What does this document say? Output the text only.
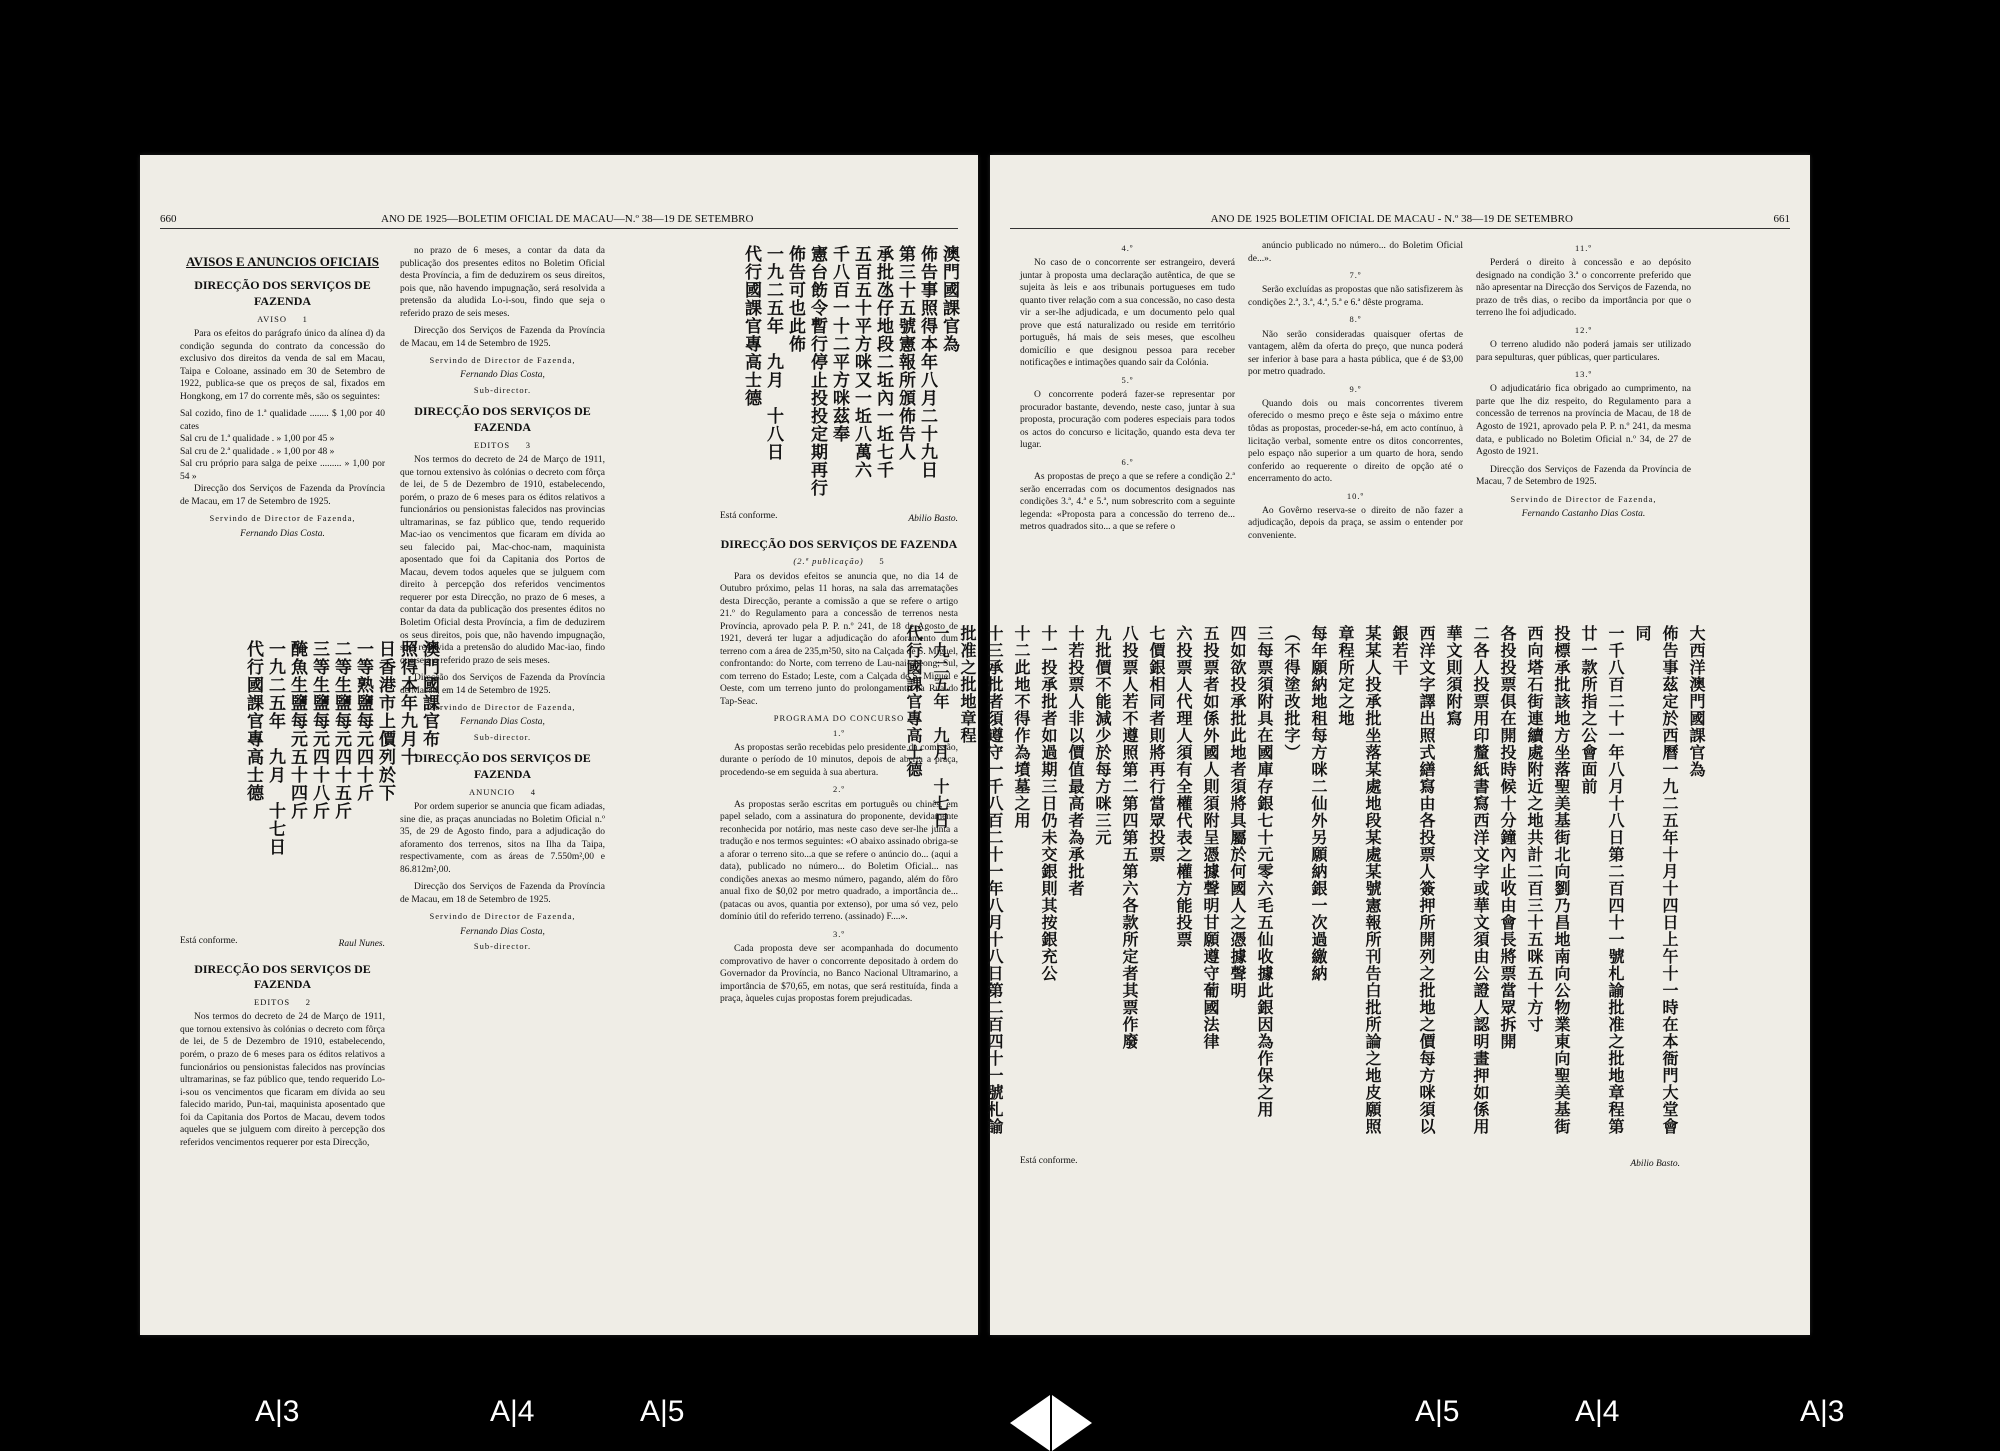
660	ANO DE 1925—BOLETIM OFICIAL DE MACAU—N.º 38—19 DE SETEMBRO
AVISOS E ANUNCIOS OFICIAIS
DIRECÇÃO DOS SERVIÇOS DE FAZENDA
AVISO 1

Para os efeitos do parágrafo único da alínea d) da condição segunda do contrato da concessão do exclusivo dos direitos da venda de sal em Macau, Taipa e Coloane, assinado em 30 de Setembro de 1922, publica-se que os preços de sal, fixados em Hongkong, em 17 do corrente mês, são os seguintes:

Sal cozido, fino de 1.ª qualidade ........ $ 1,00 por 40 cates
Sal cru de 1.ª qualidade . » 1,00 por 45 »
Sal cru de 2.ª qualidade . » 1,00 por 48 »
Sal cru próprio para salga de peixe ......... » 1,00 por 54 »

Direcção dos Serviços de Fazenda da Província de Macau, em 17 de Setembro de 1925.

Servindo de Director de Fazenda,
Fernando Dias Costa.
澳門國課官布
照得本年九月十
日香港市上價列於下
一等熟鹽每元四十斤
二等生鹽每元四十五斤
三等生鹽每元四十八斤
醃魚生鹽每元五十四斤
一九二五年　九月　十七日
代行國課官專高士德
Está conforme.	Raul Nunes.
DIRECÇÃO DOS SERVIÇOS DE FAZENDA
EDITOS 2

Nos termos do decreto de 24 de Março de 1911, que tornou extensivo às colónias o decreto com fôrça de lei, de 5 de Dezembro de 1910, estabelecendo, porém, o prazo de 6 meses para os éditos relativos a funcionários ou pensionistas falecidos nas províncias ultramarinas, se faz público que, tendo requerido Lo-i-sou os vencimentos que ficaram em dívida ao seu falecido marido, Pun-tai, maquinista aposentado que foi da Capitania dos Portos de Macau, devem todos aqueles que se julguem com direito à percepção dos referidos vencimentos requerer por esta Direcção,

no prazo de 6 meses, a contar da data da publicação dos presentes editos no Boletim Oficial desta Província, a fim de deduzirem os seus direitos, pois que, não havendo impugnação, será resolvida a pretensão da aludida Lo-i-sou, findo que seja o referido prazo de seis meses.

Direcção dos Serviços de Fazenda da Província de Macau, em 14 de Setembro de 1925.

Servindo de Director de Fazenda,
Fernando Dias Costa,
Sub-director.
DIRECÇÃO DOS SERVIÇOS DE FAZENDA
EDITOS 3

Nos termos do decreto de 24 de Março de 1911, que tornou extensivo às colónias o decreto com fôrça de lei, de 5 de Dezembro de 1910, estabelecendo, porém, o prazo de 6 meses para os éditos relativos a funcionários ou pensionistas falecidos nas provincias ultramarinas, se faz público que, tendo requerido Mac-iao os vencimentos que ficaram em dívida ao seu falecido pai, Mac-choc-nam, maquinista aposentado que foi da Capitania dos Portos de Macau, devem todos aqueles que se julguem com direito à percepção dos referidos vencimentos requerer por esta Direcção, no prazo de 6 meses, a contar da data da publicação dos presentes éditos no Boletim Oficial desta Província, a fim de deduzirem os seus direitos, pois que, não havendo impugnação, será resolvida a pretensão do aludido Mac-iao, findo que seja o referido prazo de seis meses.

Direcção dos Serviços de Fazenda da Província de Macau, em 14 de Setembro de 1925.

Servindo de Director de Fazenda,
Fernando Dias Costa,
Sub-director.
DIRECÇÃO DOS SERVIÇOS DE FAZENDA
ANUNCIO 4

Por ordem superior se anuncia que ficam adiadas, sine die, as praças anunciadas no Boletim Oficial n.º 35, de 29 de Agosto findo, para a adjudicação do aforamento dos terrenos, sitos na Ilha da Taipa, respectivamente, com as áreas de 7.550m²,00 e 86.812m²,00.

Direcção dos Serviços de Fazenda da Província de Macau, em 18 de Setembro de 1925.

Servindo de Director de Fazenda,
Fernando Dias Costa,
Sub-director.
澳門國課官為
佈告事照得本年八月二十九日
第三十五號憲報所頒佈告人
承批氹仔地段二坵內一坵七千
五百五十平方咪又一坵八萬六
千八百一十二平方咪茲奉
憲台飭令暫行停止投投定期再行
佈告可也此佈
一九二五年　九月　十八日
代行國課官專高士德
Está conforme.	Abilio Basto.
DIRECÇÃO DOS SERVIÇOS DE FAZENDA
(2.ª publicação) 5

Para os devidos efeitos se anuncia que, no dia 14 de Outubro próximo, pelas 11 horas, na sala das arrematações desta Direcção, perante a comissão a que se refere o artigo 21.º do Regulamento para a concessão de terrenos nesta Província, aprovado pela P. P. n.º 241, de 18 de Agosto de 1921, deverá ter lugar a adjudicação do aforamento dum terreno com a área de 235,m²50, sito na Calçada de S. Miguel, confrontando: do Norte, com terreno de Lau-nai-cheong; Sul, com terreno do Estado; Leste, com a Calçada de S. Miguel e Oeste, com um terreno junto do prolongamento da Rua do Tap-Seac.

PROGRAMA DO CONCURSO
1.º

As propostas serão recebidas pelo presidente da comissão, durante o período de 10 minutos, depois de aberta a praça, procedendo-se em seguida à sua abertura.

2.º

As propostas serão escritas em português ou chinês, em papel selado, com a assinatura do proponente, devidamente reconhecida por notário, mas neste caso deve ser-lhe junta a tradução e nos termos seguintes: «O abaixo assinado obriga-se a aforar o terreno sito...a que se refere o anúncio do... (aqui a data), publicado no número... do Boletim Oficial... nas condições anexas ao mesmo número, pagando, além do fôro anual fixo de $0,02 por metro quadrado, a importância de...(patacas ou avos, quantia por extenso), por uma só vez, pelo domínio útil do referido terreno. (assinado) F....».

3.º

Cada proposta deve ser acompanhada do documento comprovativo de haver o concorrente depositado à ordem do Governador da Província, no Banco Nacional Ultramarino, a importância de $70,65, em notas, que será restituída, finda a praça, àqueles cujas propostas forem prejudicadas.

ANO DE 1925 BOLETIM OFICIAL DE MACAU - N.º 38—19 DE SETEMBRO	661
4.º

No caso de o concorrente ser estrangeiro, deverá juntar à proposta uma declaração autêntica, de que se sujeita às leis e aos tribunais portugueses em tudo quanto tiver relação com a sua concessão, no caso desta vir a ser-lhe adjudicada, e um documento pelo qual prove que está naturalizado ou reside em território português, há mais de seis meses, que escolheu domicílio e que designou pessoa para receber notificações e intimações quando sair da Colónia.

5.º

O concorrente poderá fazer-se representar por procurador bastante, devendo, neste caso, juntar à sua proposta, procuração com poderes especiais para todos os actos do concurso e licitação, quando esta deva ter lugar.

6.º

As propostas de preço a que se refere a condição 2.ª serão encerradas com os documentos designados nas condições 3.ª, 4.ª e 5.ª, num sobrescrito com a seguinte legenda: «Proposta para a concessão do terreno de... metros quadrados sito... a que se refere o

anúncio publicado no número... do Boletim Oficial de...».

7.º

Serão excluídas as propostas que não satisfizerem às condições 2.ª, 3.ª, 4.ª, 5.ª e 6.ª dêste programa.

8.º

Não serão consideradas quaisquer ofertas de vantagem, alêm da oferta do preço, que nunca poderá ser inferior à base para a hasta pública, que é de $3,00 por metro quadrado.

9.º

Quando dois ou mais concorrentes tiverem oferecido o mesmo preço e êste seja o máximo entre tôdas as propostas, proceder-se-há, em acto contínuo, à licitação verbal, somente entre os ditos concorrentes, pelo espaço não superior a um quarto de hora, sendo conferido ao requerente o direito de opção até o encerramento do acto.

10.º

Ao Govêrno reserva-se o direito de não fazer a adjudicação, depois da praça, se assim o entender por conveniente.

11.º

Perderá o direito à concessão e ao depósito designado na condição 3.ª o concorrente preferido que não apresentar na Direcção dos Serviços de Fazenda, no prazo de três dias, o recibo da importância por que o terreno lhe foi adjudicado.

12.º

O terreno aludido não poderá jamais ser utilizado para sepulturas, quer públicas, quer particulares.

13.º

O adjudicatário fica obrigado ao cumprimento, na parte que lhe diz respeito, do Regulamento para a concessão de terrenos na província de Macau, de 18 de Agosto de 1921, aprovado pela P. P. n.º 241, da mesma data, e publicado no Boletim Oficial n.º 34, de 27 de Agosto de 1921.

Direcção dos Serviços de Fazenda da Província de Macau, 7 de Setembro de 1925.

Servindo de Director de Fazenda,
Fernando Castanho Dias Costa.
大西洋澳門國課官為
佈告事茲定於西曆一九二五年十月十四日上午十一時在本衙門大堂會同
一千八百二十一年八月十八日第二百四十一號札諭批准之批地章程第廿一款所指之公會面前
投標承批該地方坐落聖美基街北向劉乃昌地南向公物業東向聖美基街
西向塔石街連續處附近之地共計二百三十五咪五十方寸
各投投票俱在開投時候十分鐘內止收由會長將票當眾拆開
二各人投票用印釐紙書寫西洋文字或華文須由公證人認明畫押如係用華文則須附寫
西洋文字譯出照式繕寫由各投票人簽押所開列之批地之價每方咪須以銀若干
某某人投承批坐落某處地段某處某號憲報所刊告白批所論之地皮願照章程所定之地
每年願納地租每方咪二仙外另願納銀一次過繳納
（不得塗改批字）
三每票須附具在國庫存銀七十元零六毛五仙收據此銀因為作保之用
四如欲投承批此地者須將具屬於何國人之憑據聲明
五投票者如係外國人則須附呈憑據聲明甘願遵守葡國法律
六投票人代理人須有全權代表之權方能投票
七價銀相同者則將再行當眾投票
八投票人若不遵照第二第四第五第六各款所定者其票作廢
九批價不能減少於每方咪三元
十若投票人非以價值最高者為承批者
十一投承批者如過期三日仍未交銀則其按銀充公
十二此地不得作為墳墓之用
十三承批者須遵守一千八百二十一年八月十八日第二百四十一號札諭批准之批地章程
一九二五年　九月　十七日
代行國課官專高士德
Está conforme.	Abilio Basto.
A|3	A|4	A|5	A|5	A|4	A|3
